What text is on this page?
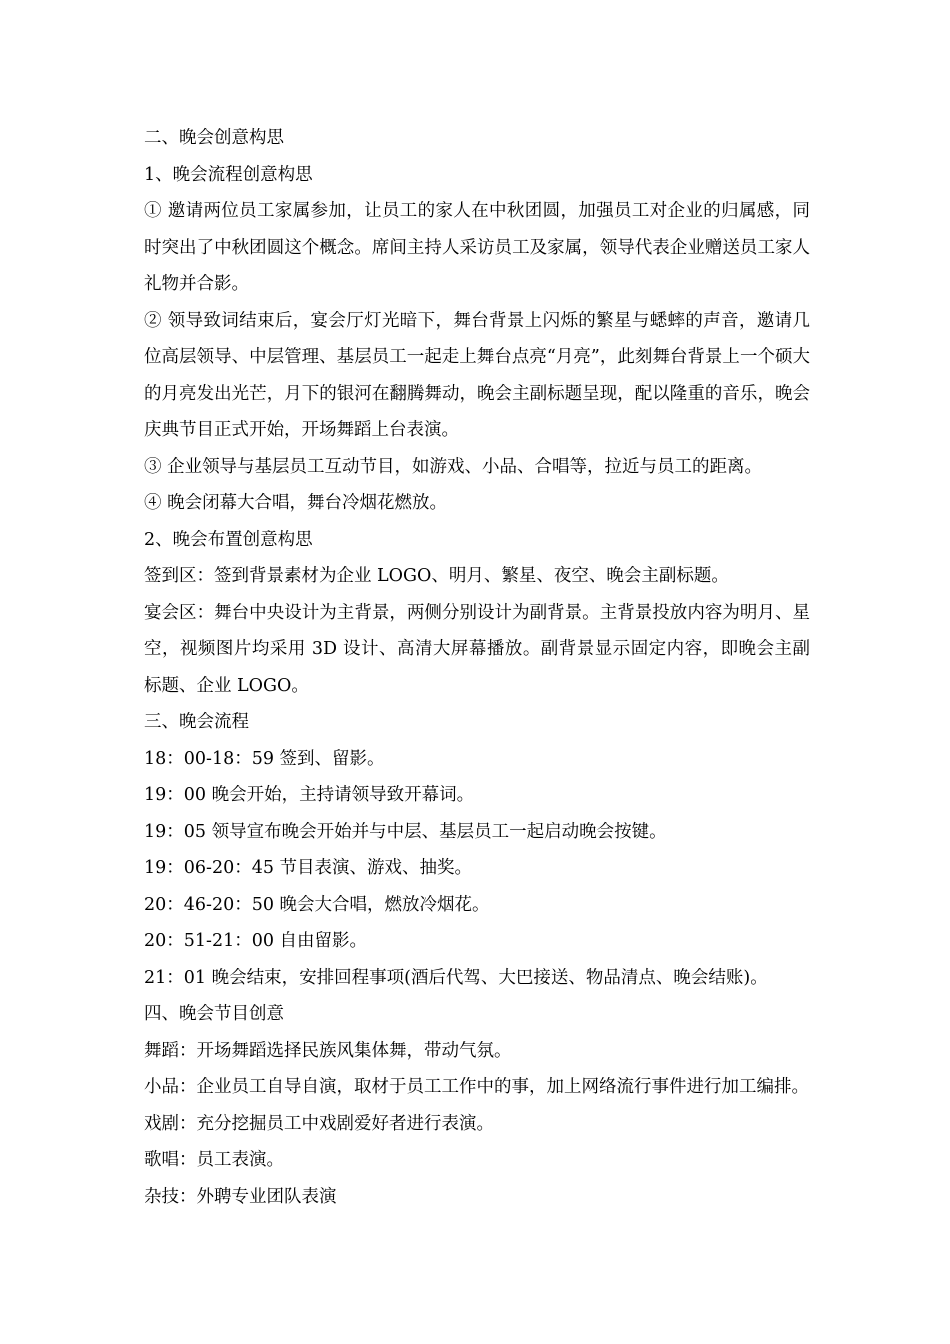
二、晚会创意构思

1、晚会流程创意构思

① 邀请两位员工家属参加，让员工的家人在中秋团圆，加强员工对企业的归属感，同时突出了中秋团圆这个概念。席间主持人采访员工及家属，领导代表企业赠送员工家人礼物并合影。

② 领导致词结束后，宴会厅灯光暗下，舞台背景上闪烁的繁星与蟋蟀的声音，邀请几位高层领导、中层管理、基层员工一起走上舞台点亮“月亮”，此刻舞台背景上一个硕大的月亮发出光芒，月下的银河在翻腾舞动，晚会主副标题呈现，配以隆重的音乐，晚会庆典节目正式开始，开场舞蹈上台表演。

③ 企业领导与基层员工互动节目，如游戏、小品、合唱等，拉近与员工的距离。

④ 晚会闭幕大合唱，舞台冷烟花燃放。

2、晚会布置创意构思

签到区：签到背景素材为企业 LOGO、明月、繁星、夜空、晚会主副标题。

宴会区：舞台中央设计为主背景，两侧分别设计为副背景。主背景投放内容为明月、星空，视频图片均采用 3D 设计、高清大屏幕播放。副背景显示固定内容，即晚会主副标题、企业 LOGO。

三、晚会流程

18：00-18：59 签到、留影。

19：00 晚会开始，主持请领导致开幕词。

19：05 领导宣布晚会开始并与中层、基层员工一起启动晚会按键。

19：06-20：45 节目表演、游戏、抽奖。

20：46-20：50 晚会大合唱，燃放冷烟花。

20：51-21：00 自由留影。

21：01 晚会结束，安排回程事项(酒后代驾、大巴接送、物品清点、晚会结账)。

四、晚会节目创意

舞蹈：开场舞蹈选择民族风集体舞，带动气氛。

小品：企业员工自导自演，取材于员工工作中的事，加上网络流行事件进行加工编排。

戏剧：充分挖掘员工中戏剧爱好者进行表演。

歌唱：员工表演。

杂技：外聘专业团队表演
